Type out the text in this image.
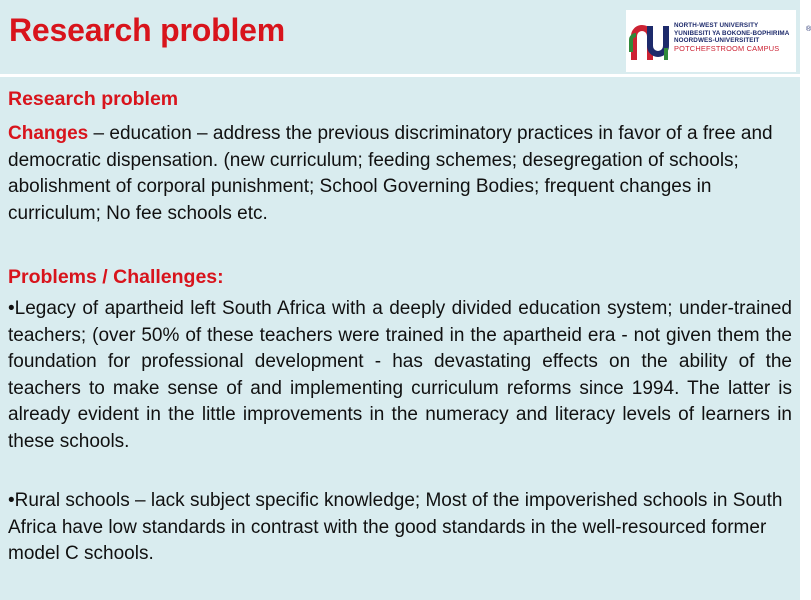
Research problem	NORTH-WEST UNIVERSITY
YUNIBESITI YA BOKONE-BOPHIRIMA
NOORDWES-UNIVERSITEIT
POTCHEFSTROOM CAMPUS
®
Research problem
Changes – education – address the previous discriminatory practices in favor of a free and democratic dispensation. (new curriculum; feeding schemes; desegregation of schools; abolishment of corporal punishment; School Governing Bodies; frequent changes in curriculum; No fee schools etc.
Problems / Challenges:
•Legacy of apartheid left South Africa with a deeply divided education system; under-trained teachers; (over 50% of these teachers were trained in the apartheid era - not given them the foundation for professional development - has devastating effects on the ability of the teachers to make sense of and implementing curriculum reforms since 1994. The latter is already evident in the little improvements in the numeracy and literacy levels of learners in these schools.
•Rural schools – lack subject specific knowledge; Most of the impoverished schools in South Africa have low standards in contrast with the good standards in the well-resourced former model C schools.
